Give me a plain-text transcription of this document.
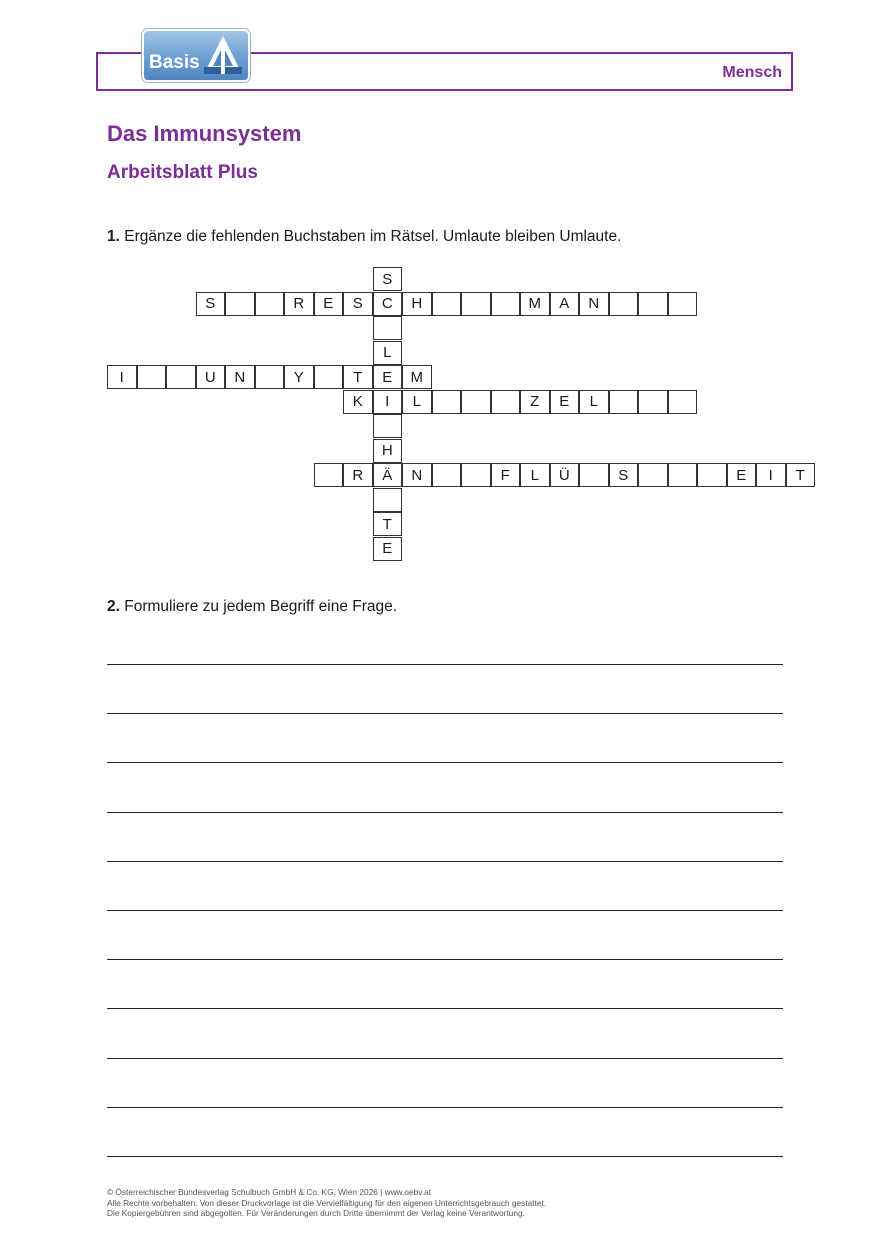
Basis	Mensch
Das Immunsystem
Arbeitsblatt Plus
1. Ergänze die fehlenden Buchstaben im Rätsel. Umlaute bleiben Umlaute.
S
C
L
E
I
H
Ä
T
E
S	R	E	S	H	M	A	N
I	U	N	Y	T	M
K	L	Z	E	L
R	N	F	L	Ü	S	E	I	T
2. Formuliere zu jedem Begriff eine Frage.
© Österreichischer Bundesverlag Schulbuch GmbH & Co. KG, Wien 2026 | www.oebv.at
Alle Rechte vorbehalten. Von dieser Druckvorlage ist die Vervielfältigung für den eigenen Unterrichtsgebrauch gestattet.
Die Kopiergebühren sind abgegolten. Für Veränderungen durch Dritte übernimmt der Verlag keine Verantwortung.
